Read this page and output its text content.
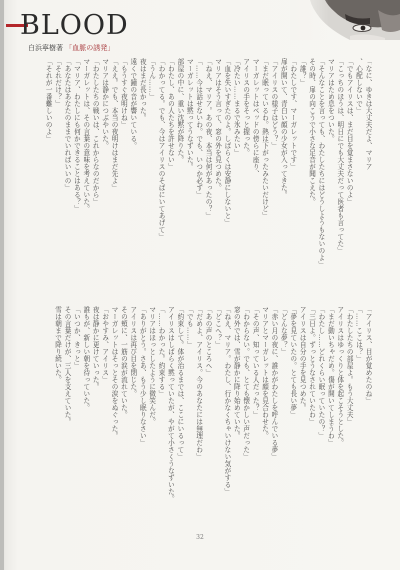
BLOOD
白浜寧樹著 「血脈の誘発」
「なに、ゆきは大丈夫だよ、マリア
、心配しないで」
「でもアイリスは、まだ目を覚まさないのよ」
「こっちのほうは、明日にでも大丈夫だって医者も言ってた」
マリアはため息をついた。
「そんなことを言っても、わたしたちにはどうしようもないのよ」
その時、扉の向こうで小さな足音が聞こえた。
「誰？」
「わたしです、マーガレットです」
扉が開いて、青白い顔の少女が入ってきた。
「アイリスの様子はどう？」
「まだ眠っているわ。熱は下がったみたいだけど」
マーガレットはベッドの傍らに座り、
アイリスの手をそっと握った。
「冷たい……まるで氷みたい」
「血を失いすぎたのよ。しばらくは安静にしないと」
マリアはそう言って、窓の外を見つめた。
「ねえ、マリア。あの夜、本当は何があったの？」
「……今は話せないわ。でも、いつか必ず」
マーガレットは黙ってうなずいた。
部屋の中に、重い沈黙が降りた。
「わたし、あの人たちを許せない」
「わかってる。でも、今はアイリスのそばにいてあげて」
「うん……」
夜はまだ長かった。
遠くで鐘の音が響いている。
「もうすぐ夜明けね」
「ええ。でも、本当の夜明けはまだ先よ」
マリアは静かにつぶやいた。
「わたしたちの戦いは、これからなのだから」
マーガレットは、その言葉の意味を考えていた。
「マリア、わたしにも何かできることはある？」
「あなたはあなたのままでいればいいの」
「それだけ？」
「それが一番難しいのよ」
「アイリス、目が覚めたのね」
「……ここは？」
「わたしたちの部屋よ。もう大丈夫」
アイリスはゆっくりと体を起こそうとした。
「まだ動いちゃだめ。傷が開いてしまうわ」
「わたし……どれくらい眠っていたの？」
「三日よ。ずっとうなされていたわ」
アイリスは自分の手を見つめた。
「夢を見ていたの。とても長い夢」
「どんな夢？」
「赤い月の夜に、誰かがわたしを呼んでいる夢」
マリアとマーガレットは顔を見合わせた。
「その声、知っている人だった？」
「わからない。でも、とても懐かしい声だった」
窓の外では、雪が静かに降り始めていた。
「ねえ、マリア。わたし、行かなくちゃいけない気がする」
「どこへ？」
「あの声のところへ」
「だめよ、アイリス。今のあなたには無理だわ」
「でも……」
「約束して。体が治るまでは、ここにいるって」
アイリスはしばらく黙っていたが、やがて小さくうなずいた。
「……わかった。約束する」
マリアはほっとしたように微笑んだ。
「ありがとう。さあ、もう少し眠りなさい」
アイリスは再び目を閉じた。
その頬に、一筋の涙が流れていた。
マーガレットはそっとその涙をぬぐった。
「おやすみ、アイリス」
夜は静かに更けていった。
誰もが、新しい朝を待っていた。
「いつか、きっと」
その言葉だけが、三人を支えていた。
雪は朝まで降り続いた。
32
